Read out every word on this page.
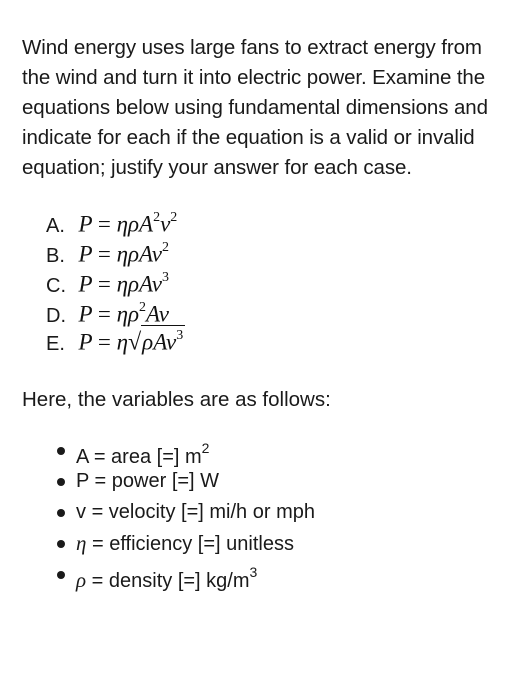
Wind energy uses large fans to extract energy from the wind and turn it into electric power. Examine the equations below using fundamental dimensions and indicate for each if the equation is a valid or invalid equation; justify your answer for each case.

A. $P = \eta\rho A^2v^2$
B. P = ηρAv$^2$
C. P = ηρAv$^3$
D. $P = \eta\rho^2Av$
E. P = η√ρAv$^3$

Here, the variables are as follows:

A = area [=] $m^2$
P = power [=] W
v = velocity [=] mi/h or mph
η = efficiency [=] unitless
ρ = density [=] $kg/m^3$
